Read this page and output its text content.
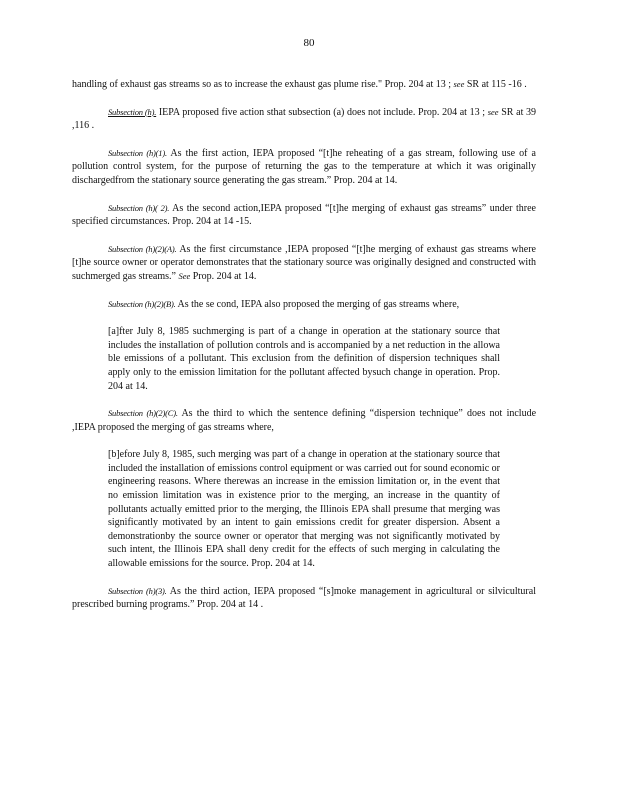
80

handling of exhaust gas streams so as to increase the exhaust gas plume rise." Prop. 204 at 13 ; see SR at 115 -16 .

Subsection (h). IEPA proposed five action sthat subsection (a) does not include. Prop. 204 at 13 ; see SR at 39 ,116 .

Subsection (h)(1). As the first action, IEPA proposed “[t]he reheating of a gas stream, following use of a pollution control system, for the purpose of returning the gas to the temperature at which it was originally dischargedfrom the stationary source generating the gas stream.” Prop. 204 at 14.

Subsection (h)( 2). As the second action,IEPA proposed “[t]he merging of exhaust gas streams” under three specified circumstances. Prop. 204 at 14 -15.

Subsection (h)(2)(A). As the first circumstance ,IEPA proposed “[t]he merging of exhaust gas streams where [t]he source owner or operator demonstrates that the stationary source was originally designed and constructed with suchmerged gas streams.” See Prop. 204 at 14.

Subsection (h)(2)(B). As the se cond, IEPA also proposed the merging of gas streams where,

[a]fter July 8, 1985 suchmerging is part of a change in operation at the stationary source that includes the installation of pollution controls and is accompanied by a net reduction in the allowa ble emissions of a pollutant. This exclusion from the definition of dispersion techniques shall apply only to the emission limitation for the pollutant affected bysuch change in operation. Prop. 204 at 14.

Subsection (h)(2)(C). As the third to which the sentence defining “dispersion technique” does not include ,IEPA proposed the merging of gas streams where,

[b]efore July 8, 1985, such merging was part of a change in operation at the stationary source that included the installation of emissions control equipment or was carried out for sound economic or engineering reasons. Where therewas an increase in the emission limitation or, in the event that no emission limitation was in existence prior to the merging, an increase in the quantity of pollutants actually emitted prior to the merging, the Illinois EPA shall presume that merging was significantly motivated by an intent to gain emissions credit for greater dispersion. Absent a demonstrationby the source owner or operator that merging was not significantly motivated by such intent, the Illinois EPA shall deny credit for the effects of such merging in calculating the allowable emissions for the source. Prop. 204 at 14.

Subsection (h)(3). As the third action, IEPA proposed “[s]moke management in agricultural or silvicultural prescribed burning programs.” Prop. 204 at 14 .
